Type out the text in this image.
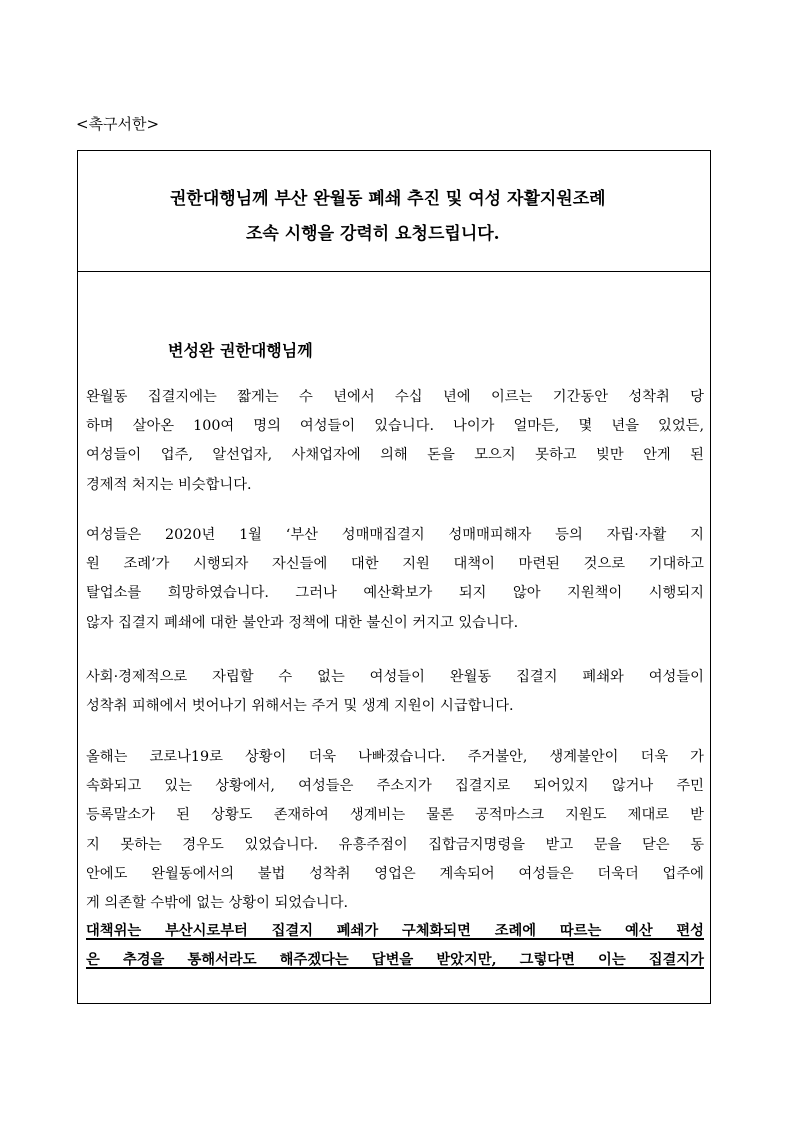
<촉구서한>
권한대행님께 부산 완월동 폐쇄 추진 및 여성 자활지원조례
조속 시행을 강력히 요청드립니다.
변성완 권한대행님께
완월동 집결지에는 짧게는 수 년에서 수십 년에 이르는 기간동안 성착취 당
하며 살아온 100여 명의 여성들이 있습니다. 나이가 얼마든, 몇 년을 있었든,
여성들이 업주, 알선업자, 사채업자에 의해 돈을 모으지 못하고 빚만 안게 된
경제적 처지는 비슷합니다.
여성들은 2020년 1월 ‘부산 성매매집결지 성매매피해자 등의 자립·자활 지
원 조례’가 시행되자 자신들에 대한 지원 대책이 마련된 것으로 기대하고
탈업소를 희망하였습니다. 그러나 예산확보가 되지 않아 지원책이 시행되지
않자 집결지 폐쇄에 대한 불안과 정책에 대한 불신이 커지고 있습니다.
사회·경제적으로 자립할 수 없는 여성들이 완월동 집결지 폐쇄와 여성들이
성착취 피해에서 벗어나기 위해서는 주거 및 생계 지원이 시급합니다.
올해는 코로나19로 상황이 더욱 나빠졌습니다. 주거불안, 생계불안이 더욱 가
속화되고 있는 상황에서, 여성들은 주소지가 집결지로 되어있지 않거나 주민
등록말소가 된 상황도 존재하여 생계비는 물론 공적마스크 지원도 제대로 받
지 못하는 경우도 있었습니다. 유흥주점이 집합금지명령을 받고 문을 닫은 동
안에도 완월동에서의 불법 성착취 영업은 계속되어 여성들은 더욱더 업주에
게 의존할 수밖에 없는 상황이 되었습니다.
대책위는 부산시로부터 집결지 폐쇄가 구체화되면 조례에 따르는 예산 편성
은 추경을 통해서라도 해주겠다는 답변을 받았지만, 그렇다면 이는 집결지가
